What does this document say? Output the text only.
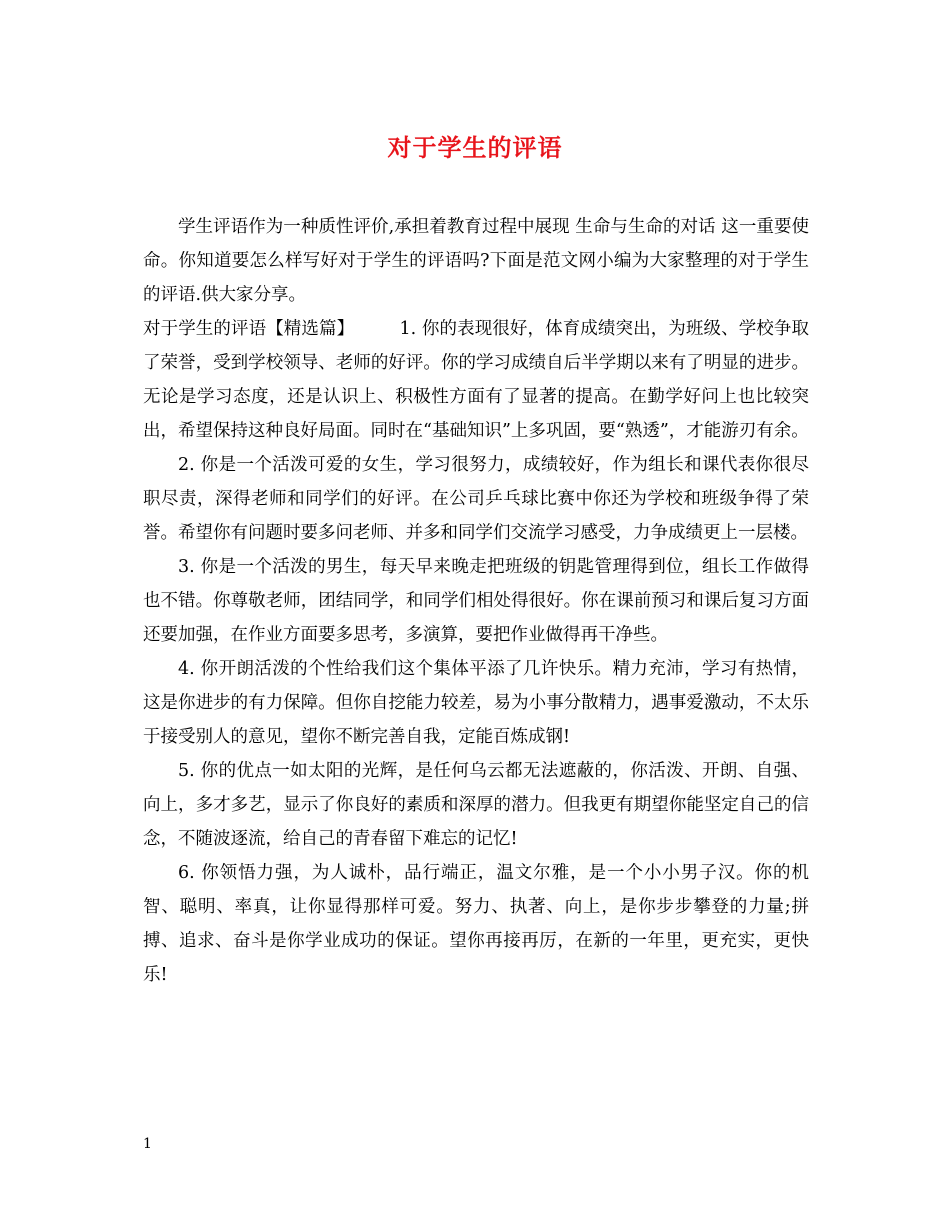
对于学生的评语

学生评语作为一种质性评价,承担着教育过程中展现 生命与生命的对话 这一重要使命。你知道要怎么样写好对于学生的评语吗?下面是范文网小编为大家整理的对于学生的评语.供大家分享。

对于学生的评语【精选篇】	1. 你的表现很好，体育成绩突出，为班级、学校争取了荣誉，受到学校领导、老师的好评。你的学习成绩自后半学期以来有了明显的进步。无论是学习态度，还是认识上、积极性方面有了显著的提高。在勤学好问上也比较突出，希望保持这种良好局面。同时在“基础知识”上多巩固，要“熟透”，才能游刃有余。

2. 你是一个活泼可爱的女生，学习很努力，成绩较好，作为组长和课代表你很尽职尽责，深得老师和同学们的好评。在公司乒乓球比赛中你还为学校和班级争得了荣誉。希望你有问题时要多问老师、并多和同学们交流学习感受，力争成绩更上一层楼。

3. 你是一个活泼的男生，每天早来晚走把班级的钥匙管理得到位，组长工作做得也不错。你尊敬老师，团结同学，和同学们相处得很好。你在课前预习和课后复习方面还要加强，在作业方面要多思考，多演算，要把作业做得再干净些。

4. 你开朗活泼的个性给我们这个集体平添了几许快乐。精力充沛，学习有热情，这是你进步的有力保障。但你自挖能力较差，易为小事分散精力，遇事爱激动，不太乐于接受别人的意见，望你不断完善自我，定能百炼成钢!

5. 你的优点一如太阳的光辉，是任何乌云都无法遮蔽的，你活泼、开朗、自强、向上，多才多艺，显示了你良好的素质和深厚的潜力。但我更有期望你能坚定自己的信念，不随波逐流，给自己的青春留下难忘的记忆!

6. 你领悟力强，为人诚朴，品行端正，温文尔雅，是一个小小男子汉。你的机智、聪明、率真，让你显得那样可爱。努力、执著、向上，是你步步攀登的力量;拼搏、追求、奋斗是你学业成功的保证。望你再接再厉，在新的一年里，更充实，更快乐!

1
